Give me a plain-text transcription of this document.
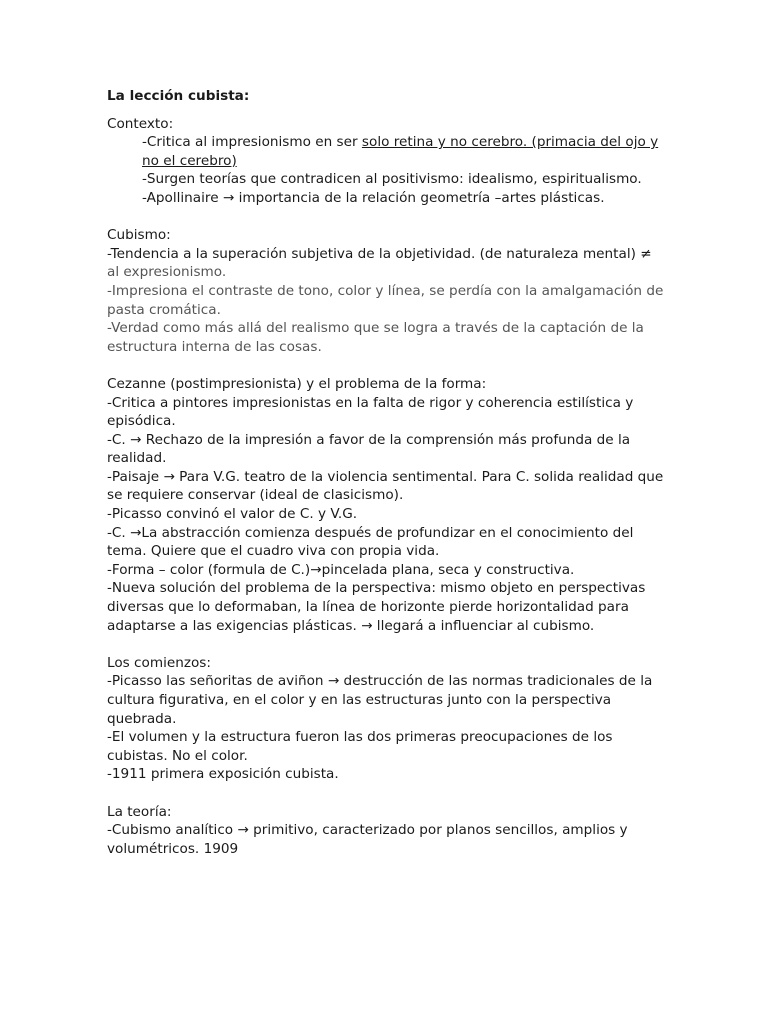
La lección cubista:

Contexto:

-Critica al impresionismo en ser solo retina y no cerebro. (primacia del ojo y no el cerebro)

-Surgen teorías que contradicen al positivismo: idealismo, espiritualismo.

-Apollinaire → importancia de la relación geometría –artes plásticas.

Cubismo:

-Tendencia a la superación subjetiva de la objetividad. (de naturaleza mental) ≠

al expresionismo.

-Impresiona el contraste de tono, color y línea, se perdía con la amalgamación de pasta cromática.

-Verdad como más allá del realismo que se logra a través de la captación de la estructura interna de las cosas.

Cezanne (postimpresionista) y el problema de la forma:

-Critica a pintores impresionistas en la falta de rigor y coherencia estilística y episódica.

-C. → Rechazo de la impresión a favor de la comprensión más profunda de la realidad.

-Paisaje → Para V.G. teatro de la violencia sentimental. Para C. solida realidad que se requiere conservar (ideal de clasicismo).

-Picasso convinó el valor de C. y V.G.

-C. →La abstracción comienza después de profundizar en el conocimiento del tema. Quiere que el cuadro viva con propia vida.

-Forma – color (formula de C.)→pincelada plana, seca y constructiva.

-Nueva solución del problema de la perspectiva: mismo objeto en perspectivas diversas que lo deformaban, la línea de horizonte pierde horizontalidad para adaptarse a las exigencias plásticas. → llegará a influenciar al cubismo.

Los comienzos:

-Picasso las señoritas de aviñon → destrucción de las normas tradicionales de la cultura figurativa, en el color y en las estructuras junto con la perspectiva quebrada.

-El volumen y la estructura fueron las dos primeras preocupaciones de los cubistas. No el color.

-1911 primera exposición cubista.

La teoría:

-Cubismo analítico → primitivo, caracterizado por planos sencillos, amplios y volumétricos. 1909
